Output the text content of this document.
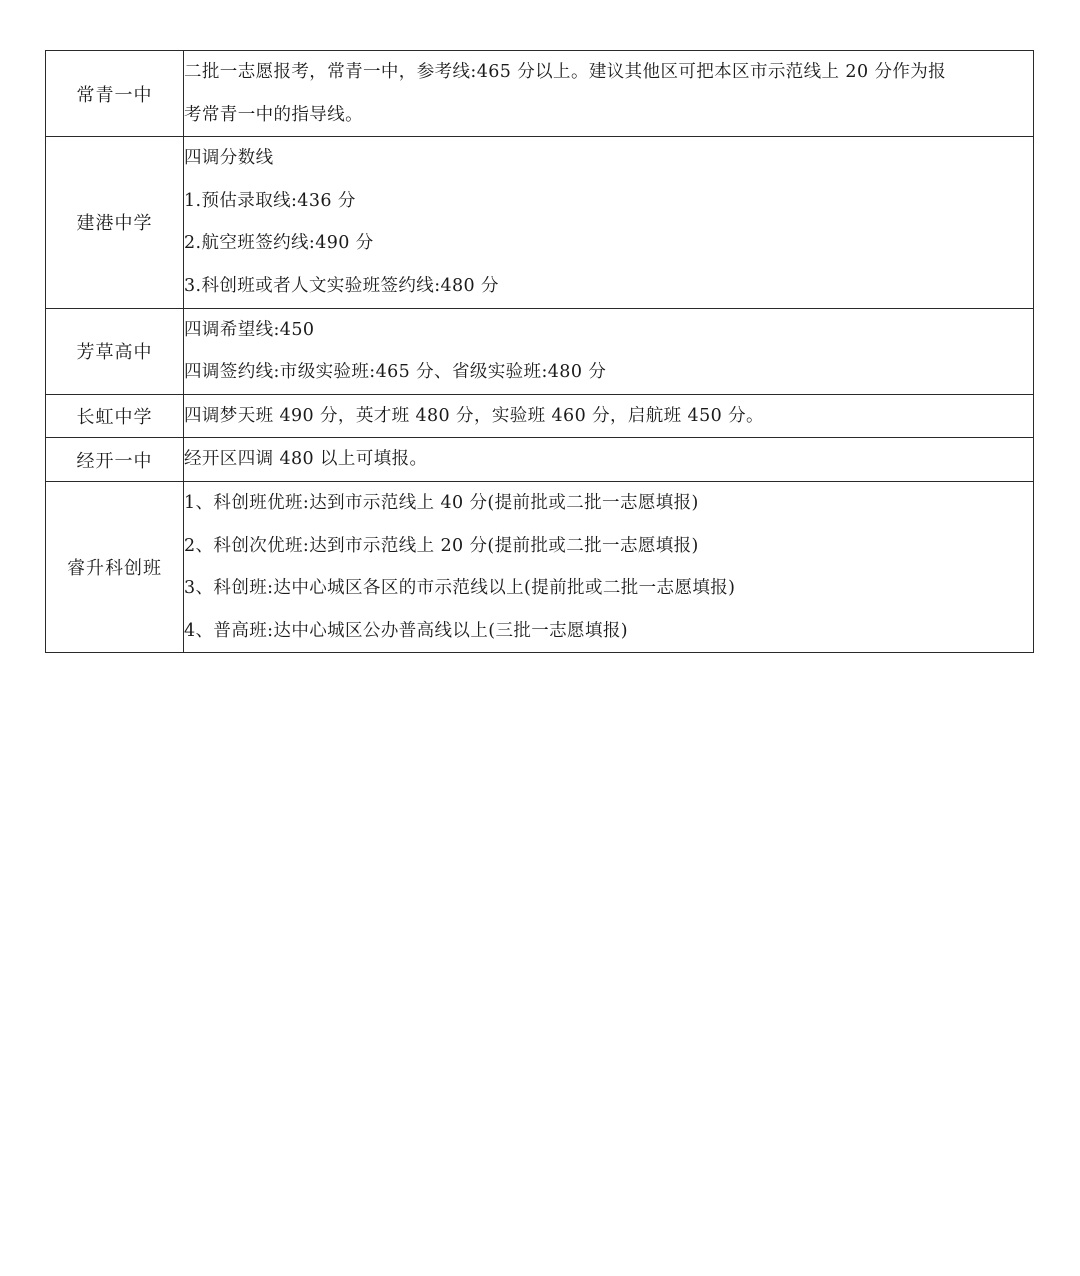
常青一中	二批一志愿报考，常青一中，参考线:465 分以上。建议其他区可把本区市示范线上 20 分作为报
考常青一中的指导线。

建港中学	四调分数线
1.预估录取线:436 分
2.航空班签约线:490 分
3.科创班或者人文实验班签约线:480 分

芳草高中	四调希望线:450
四调签约线:市级实验班:465 分、省级实验班:480 分

长虹中学	四调梦天班 490 分，英才班 480 分，实验班 460 分，启航班 450 分。

经开一中	经开区四调 480 以上可填报。

睿升科创班	1、科创班优班:达到市示范线上 40 分(提前批或二批一志愿填报)
2、科创次优班:达到市示范线上 20 分(提前批或二批一志愿填报)
3、科创班:达中心城区各区的市示范线以上(提前批或二批一志愿填报)
4、普高班:达中心城区公办普高线以上(三批一志愿填报)
